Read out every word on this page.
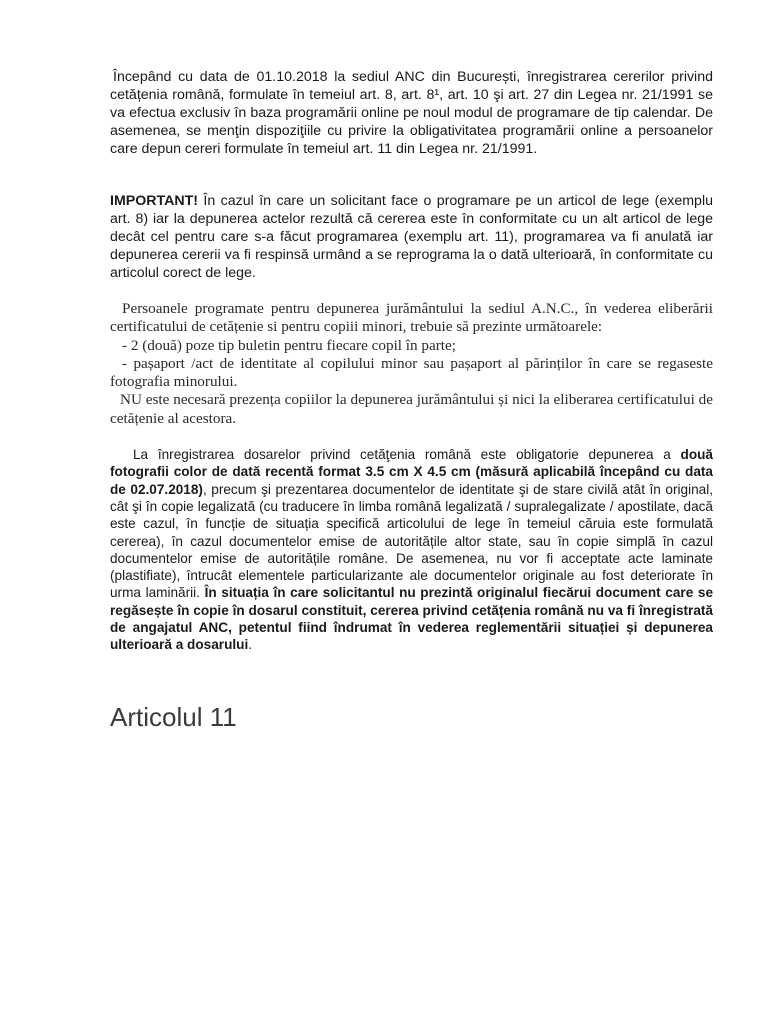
Începând cu data de 01.10.2018 la sediul ANC din București, înregistrarea cererilor privind cetățenia română, formulate în temeiul art. 8, art. 8¹, art. 10 şi art. 27 din Legea nr. 21/1991 se va efectua exclusiv în baza programării online pe noul modul de programare de tip calendar. De asemenea, se menţin dispoziţiile cu privire la obligativitatea programării online a persoanelor care depun cereri formulate în temeiul art. 11 din Legea nr. 21/1991.

IMPORTANT! În cazul în care un solicitant face o programare pe un articol de lege (exemplu art. 8) iar la depunerea actelor rezultă că cererea este în conformitate cu un alt articol de lege decât cel pentru care s-a făcut programarea (exemplu art. 11), programarea va fi anulată iar depunerea cererii va fi respinsă urmând a se reprograma la o dată ulterioară, în conformitate cu articolul corect de lege.

Persoanele programate pentru depunerea jurământului la sediul A.N.C., în vederea eliberării certificatului de cetățenie si pentru copiii minori, trebuie să prezinte următoarele:
- 2 (două) poze tip buletin pentru fiecare copil în parte;
- pașaport /act de identitate al copilului minor sau pașaport al părinților în care se regaseste fotografia minorului.
NU este necesară prezența copiilor la depunerea jurământului și nici la eliberarea certificatului de cetățenie al acestora.

La înregistrarea dosarelor privind cetăţenia română este obligatorie depunerea a două fotografii color de dată recentă format 3.5 cm X 4.5 cm (măsură aplicabilă începând cu data de 02.07.2018), precum şi prezentarea documentelor de identitate şi de stare civilă atât în original, cât şi în copie legalizată (cu traducere în limba română legalizată / supralegalizate / apostilate, dacă este cazul, în funcție de situația specifică articolului de lege în temeiul căruia este formulată cererea), în cazul documentelor emise de autoritățile altor state, sau în copie simplă în cazul documentelor emise de autoritățile române. De asemenea, nu vor fi acceptate acte laminate (plastifiate), întrucât elementele particularizante ale documentelor originale au fost deteriorate în urma laminării. În situația în care solicitantul nu prezintă originalul fiecărui document care se regăsește în copie în dosarul constituit, cererea privind cetățenia română nu va fi înregistrată de angajatul ANC, petentul fiind îndrumat în vederea reglementării situației și depunerea ulterioară a dosarului.

Articolul 11
